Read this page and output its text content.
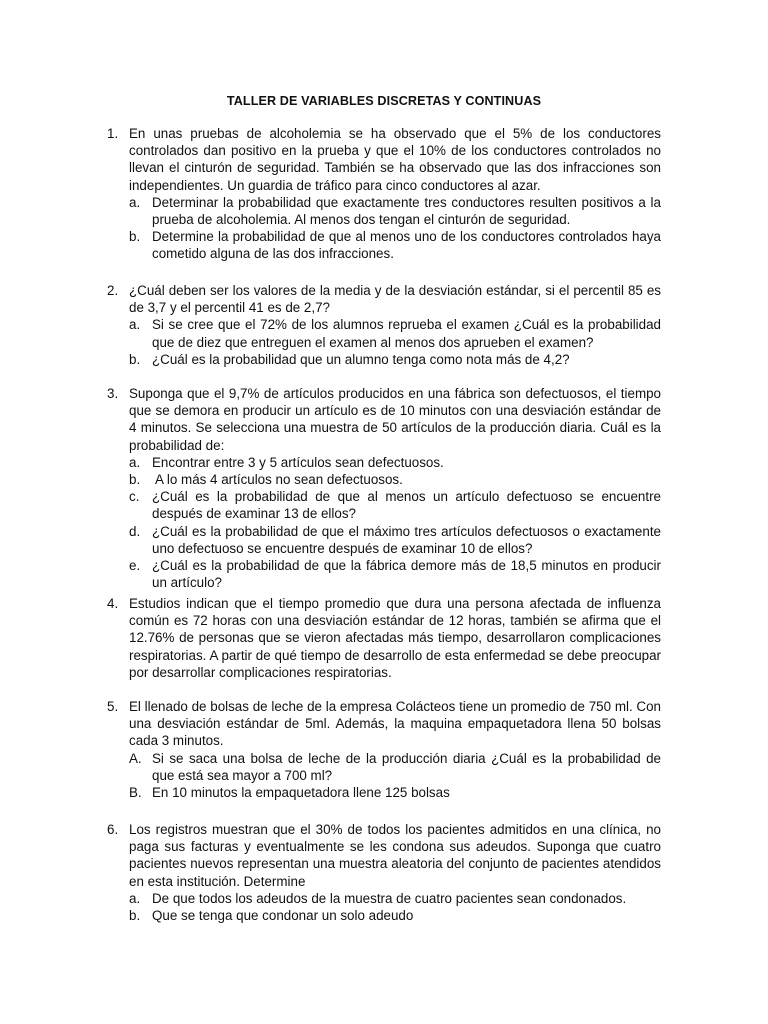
TALLER DE VARIABLES DISCRETAS Y CONTINUAS
1. En unas pruebas de alcoholemia se ha observado que el 5% de los conductores controlados dan positivo en la prueba y que el 10% de los conductores controlados no llevan el cinturón de seguridad. También se ha observado que las dos infracciones son independientes. Un guardia de tráfico para cinco conductores al azar.
a. Determinar la probabilidad que exactamente tres conductores resulten positivos a la prueba de alcoholemia. Al menos dos tengan el cinturón de seguridad.
b. Determine la probabilidad de que al menos uno de los conductores controlados haya cometido alguna de las dos infracciones.
2. ¿Cuál deben ser los valores de la media y de la desviación estándar, si el percentil 85 es de 3,7 y el percentil 41 es de 2,7?
a. Si se cree que el 72% de los alumnos reprueba el examen ¿Cuál es la probabilidad que de diez que entreguen el examen al menos dos aprueben el examen?
b. ¿Cuál es la probabilidad que un alumno tenga como nota más de 4,2?
3. Suponga que el 9,7% de artículos producidos en una fábrica son defectuosos, el tiempo que se demora en producir un artículo es de 10 minutos con una desviación estándar de 4 minutos. Se selecciona una muestra de 50 artículos de la producción diaria. Cuál es la probabilidad de:
a. Encontrar entre 3 y 5 artículos sean defectuosos.
b. A lo más 4 artículos no sean defectuosos.
c. ¿Cuál es la probabilidad de que al menos un artículo defectuoso se encuentre después de examinar 13 de ellos?
d. ¿Cuál es la probabilidad de que el máximo tres artículos defectuosos o exactamente uno defectuoso se encuentre después de examinar 10 de ellos?
e. ¿Cuál es la probabilidad de que la fábrica demore más de 18,5 minutos en producir un artículo?
4. Estudios indican que el tiempo promedio que dura una persona afectada de influenza común es 72 horas con una desviación estándar de 12 horas, también se afirma que el 12.76% de personas que se vieron afectadas más tiempo, desarrollaron complicaciones respiratorias. A partir de qué tiempo de desarrollo de esta enfermedad se debe preocupar por desarrollar complicaciones respiratorias.
5. El llenado de bolsas de leche de la empresa Colácteos tiene un promedio de 750 ml. Con una desviación estándar de 5ml. Además, la maquina empaquetadora llena 50 bolsas cada 3 minutos.
A. Si se saca una bolsa de leche de la producción diaria ¿Cuál es la probabilidad de que está sea mayor a 700 ml?
B. En 10 minutos la empaquetadora llene 125 bolsas
6. Los registros muestran que el 30% de todos los pacientes admitidos en una clínica, no paga sus facturas y eventualmente se les condona sus adeudos. Suponga que cuatro pacientes nuevos representan una muestra aleatoria del conjunto de pacientes atendidos en esta institución. Determine
a. De que todos los adeudos de la muestra de cuatro pacientes sean condonados.
b. Que se tenga que condonar un solo adeudo
